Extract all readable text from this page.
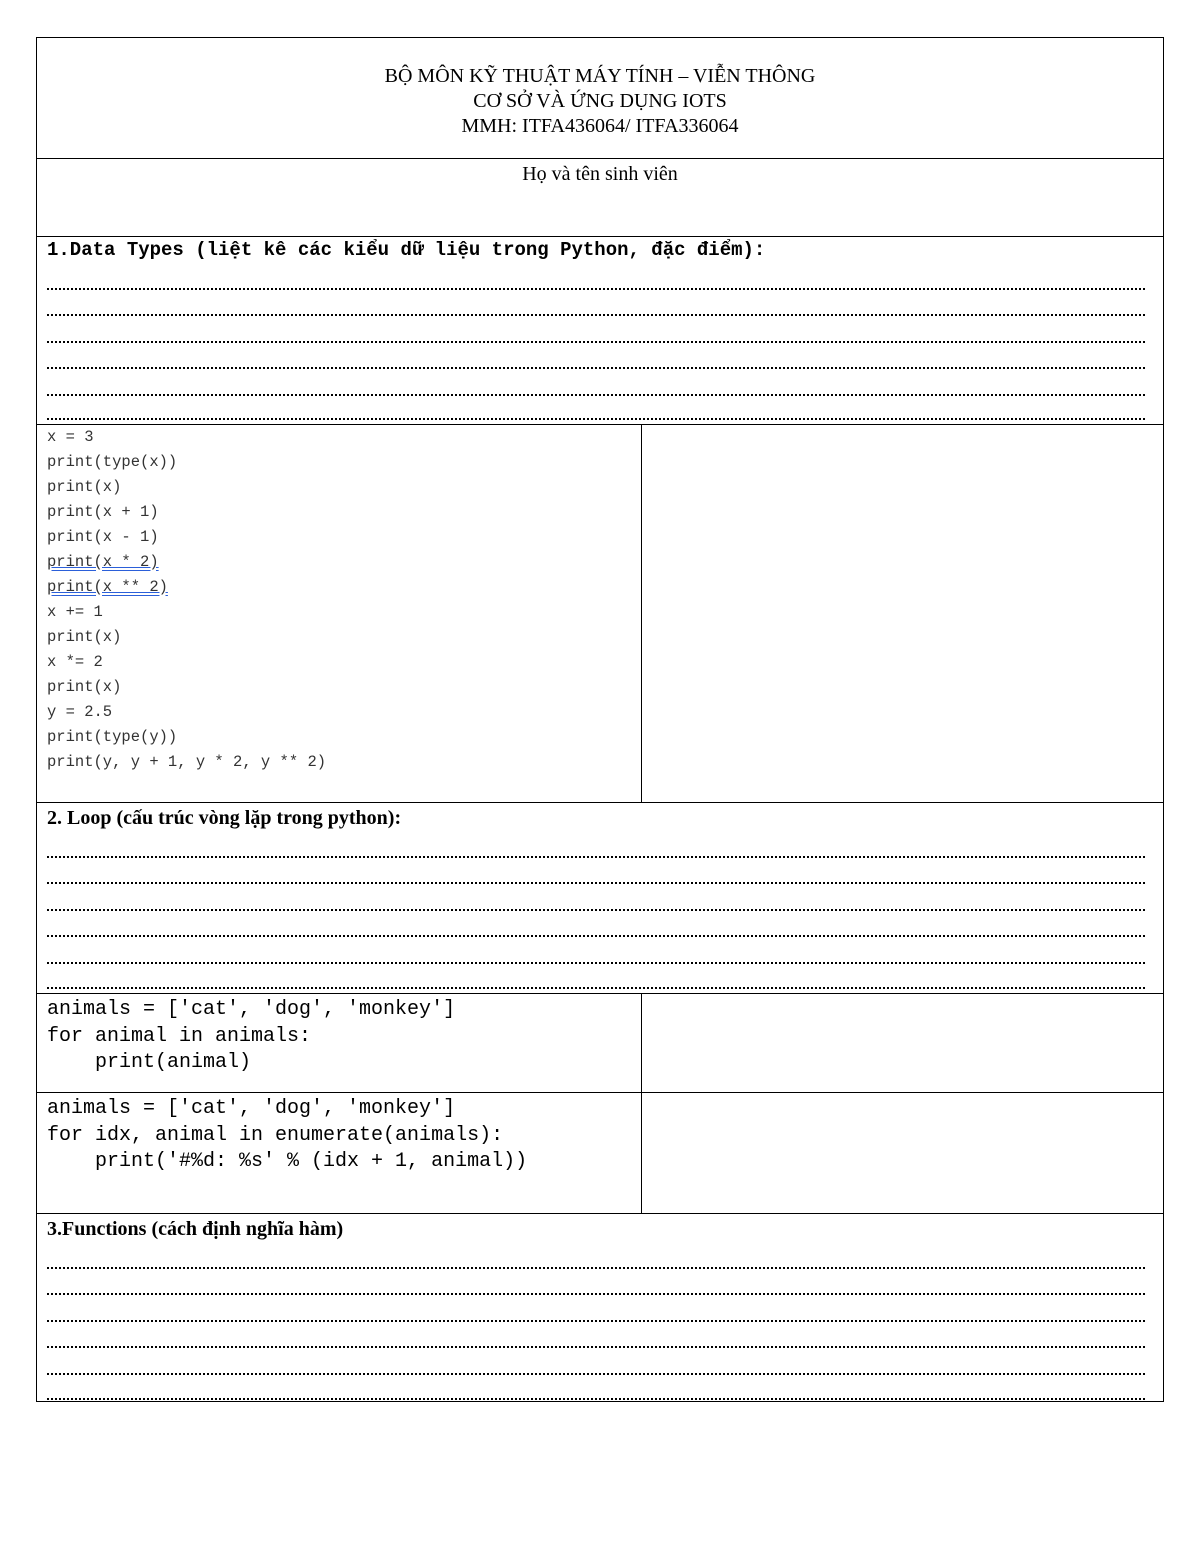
BỘ MÔN KỸ THUẬT MÁY TÍNH – VIỄN THÔNG
CƠ SỞ VÀ ỨNG DỤNG IOTS
MMH: ITFA436064/ ITFA336064
Họ và tên sinh viên
1.Data Types (liệt kê các kiểu dữ liệu trong Python, đặc điểm):
x = 3
print(type(x))
print(x)
print(x + 1)
print(x - 1)
print(x * 2)
print(x ** 2)
x += 1
print(x)
x *= 2
print(x)
y = 2.5
print(type(y))
print(y, y + 1, y * 2, y ** 2)
2. Loop (cấu trúc vòng lặp trong python):
animals = ['cat', 'dog', 'monkey']
for animal in animals:
print(animal)
animals = ['cat', 'dog', 'monkey']
for idx, animal in enumerate(animals):
print('#%d: %s' % (idx + 1, animal))
3.Functions (cách định nghĩa hàm)
